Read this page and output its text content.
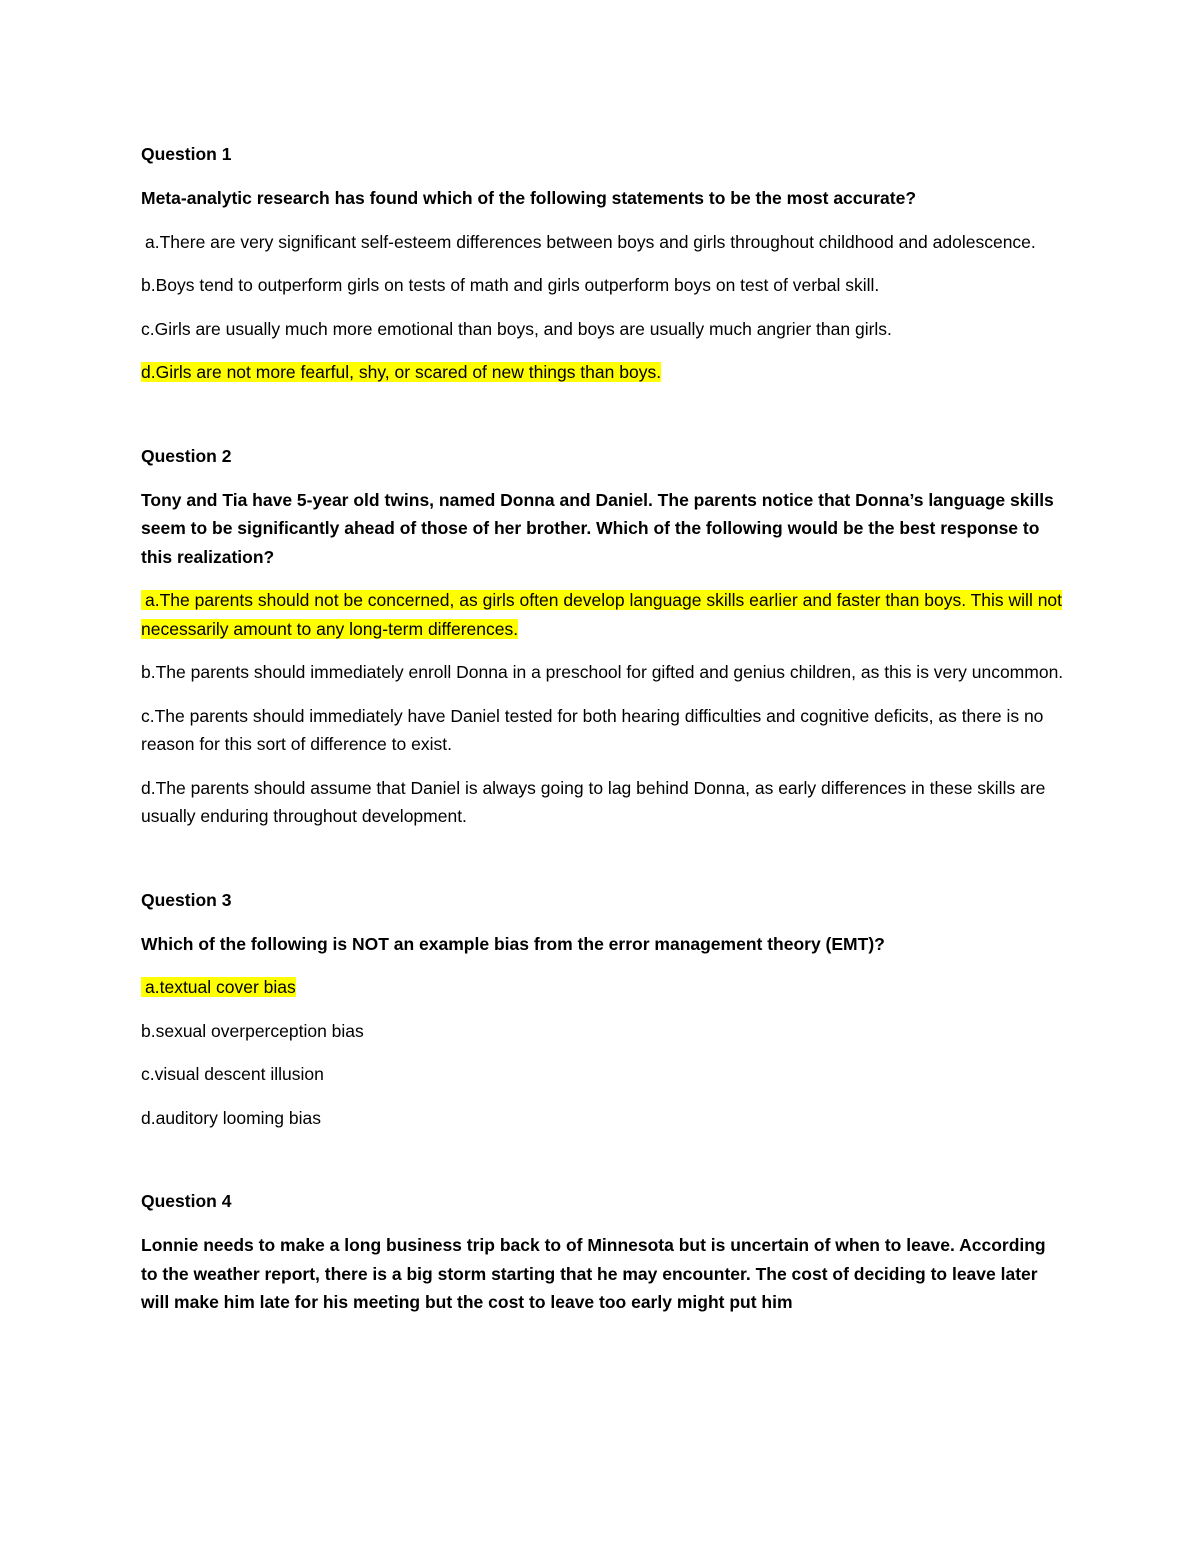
Question 1
Meta-analytic research has found which of the following statements to be the most accurate?
a.There are very significant self-esteem differences between boys and girls throughout childhood and adolescence.
b.Boys tend to outperform girls on tests of math and girls outperform boys on test of verbal skill.
c.Girls are usually much more emotional than boys, and boys are usually much angrier than girls.
d.Girls are not more fearful, shy, or scared of new things than boys.
Question 2
Tony and Tia have 5-year old twins, named Donna and Daniel. The parents notice that Donna’s language skills seem to be significantly ahead of those of her brother. Which of the following would be the best response to this realization?
a.The parents should not be concerned, as girls often develop language skills earlier and faster than boys. This will not necessarily amount to any long-term differences.
b.The parents should immediately enroll Donna in a preschool for gifted and genius children, as this is very uncommon.
c.The parents should immediately have Daniel tested for both hearing difficulties and cognitive deficits, as there is no reason for this sort of difference to exist.
d.The parents should assume that Daniel is always going to lag behind Donna, as early differences in these skills are usually enduring throughout development.
Question 3
Which of the following is NOT an example bias from the error management theory (EMT)?
a.textual cover bias
b.sexual overperception bias
c.visual descent illusion
d.auditory looming bias
Question 4
Lonnie needs to make a long business trip back to of Minnesota but is uncertain of when to leave. According to the weather report, there is a big storm starting that he may encounter. The cost of deciding to leave later will make him late for his meeting but the cost to leave too early might put him
